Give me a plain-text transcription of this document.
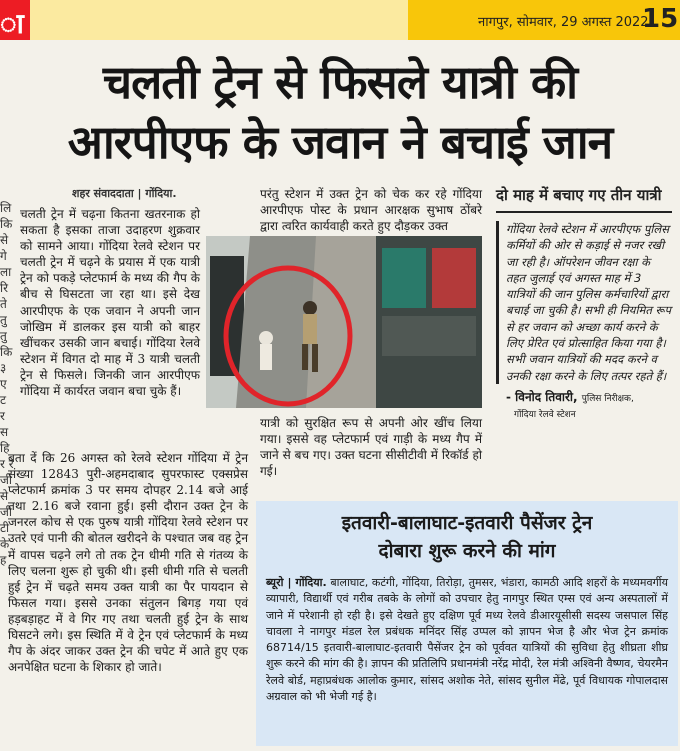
ा	नागपुर, सोमवार, 29 अगस्त 2022
15
चलती ट्रेन से फिसले यात्री की
आरपीएफ के जवान ने बचाई जान
शहर संवाददाता | गोंदिया.
लि कि से गे ला रि ते तु तु कि ३ ए ट र स हि र र जी से जी टी के ह
चलती ट्रेन में चढ़ना कितना खतरनाक हो सकता है इसका ताजा उदाहरण शुक्रवार को सामने आया। गोंदिया रेलवे स्टेशन पर चलती ट्रेन में चढ़ने के प्रयास में एक यात्री ट्रेन को पकड़े प्लेटफार्म के मध्य की गैप के बीच से घिसटता जा रहा था। इसे देख आरपीएफ के एक जवान ने अपनी जान जोखिम में डालकर इस यात्री को बाहर खींचकर उसकी जान बचाई। गोंदिया रेलवे स्टेशन में विगत दो माह में 3 यात्री चलती ट्रेन से फिसले। जिनकी जान आरपीएफ गोंदिया में कार्यरत जवान बचा चुके हैं।
परंतु स्टेशन में उक्त ट्रेन को चेक कर रहे गोंदिया आरपीएफ पोस्ट के प्रधान आरक्षक सुभाष ठोंबरे द्वारा त्वरित कार्यवाही करते हुए दौड़कर उक्त
यात्री को सुरक्षित रूप से अपनी ओर खींच लिया गया। इससे वह प्लेटफार्म एवं गाड़ी के मध्य गैप में जाने से बच गए। उक्त घटना सीसीटीवी में रिकॉर्ड हो गई।
बता दें कि 26 अगस्त को रेलवे स्टेशन गोंदिया में ट्रेन संख्या 12843 पुरी-अहमदाबाद सुपरफास्ट एक्सप्रेस प्लेटफार्म क्रमांक 3 पर समय दोपहर 2.14 बजे आई तथा 2.16 बजे रवाना हुई। इसी दौरान उक्त ट्रेन के जनरल कोच से एक पुरुष यात्री गोंदिया रेलवे स्टेशन पर उतरे एवं पानी की बोतल खरीदने के पश्चात जब वह ट्रेन में वापस चढ़ने लगे तो तक ट्रेन धीमी गति से गंतव्य के लिए चलना शुरू हो चुकी थी। इसी धीमी गति से चलती हुई ट्रेन में चढ़ते समय उक्त यात्री का पैर पायदान से फिसल गया। इससे उनका संतुलन बिगड़ गया एवं हड़बड़ाहट में वे गिर गए तथा चलती हुई ट्रेन के साथ घिसटने लगे। इस स्थिति में वे ट्रेन एवं प्लेटफार्म के मध्य गैप के अंदर जाकर उक्त ट्रेन की चपेट में आते हुए एक अनपेक्षित घटना के शिकार हो जाते।
दो माह में बचाए गए तीन यात्री
गोंदिया रेलवे स्टेशन में आरपीएफ पुलिस कर्मियों की ओर से कड़ाई से नजर रखी जा रही है। ऑपरेशन जीवन रक्षा के तहत जुलाई एवं अगस्त माह में 3 यात्रियों की जान पुलिस कर्मचारियों द्वारा बचाई जा चुकी है। सभी ही नियमित रूप से हर जवान को अच्छा कार्य करने के लिए प्रेरित एवं प्रोत्साहित किया गया है। सभी जवान यात्रियों की मदद करने व उनकी रक्षा करने के लिए तत्पर रहते हैं।
- विनोद तिवारी, पुलिस निरीक्षक,
गोंदिया रेलवे स्टेशन
इतवारी-बालाघाट-इतवारी पैसेंजर ट्रेन
दोबारा शुरू करने की मांग
ब्यूरो | गोंदिया. बालाघाट, कटंगी, गोंदिया, तिरोड़ा, तुमसर, भंडारा, कामठी आदि शहरों के मध्यमवर्गीय व्यापारी, विद्यार्थी एवं गरीब तबके के लोगों को उपचार हेतु नागपुर स्थित एम्स एवं अन्य अस्पतालों में जाने में परेशानी हो रही है। इसे देखते हुए दक्षिण पूर्व मध्य रेलवे डीआरयूसीसी सदस्य जसपाल सिंह चावला ने नागपुर मंडल रेल प्रबंधक मनिंदर सिंह उप्पल को ज्ञापन भेज है और भेज ट्रेन क्रमांक 68714/15 इतवारी-बालाघाट-इतवारी पैसेंजर ट्रेन को पूर्ववत यात्रियों की सुविधा हेतु शीघ्रता शीघ्र शुरू करने की मांग की है। ज्ञापन की प्रतिलिपि प्रधानमंत्री नरेंद्र मोदी, रेल मंत्री अश्विनी वैष्णव, चेयरमैन रेलवे बोर्ड, महाप्रबंधक आलोक कुमार, सांसद अशोक नेते, सांसद सुनील मेंढे, पूर्व विधायक गोपालदास अग्रवाल को भी भेजी गई है।
